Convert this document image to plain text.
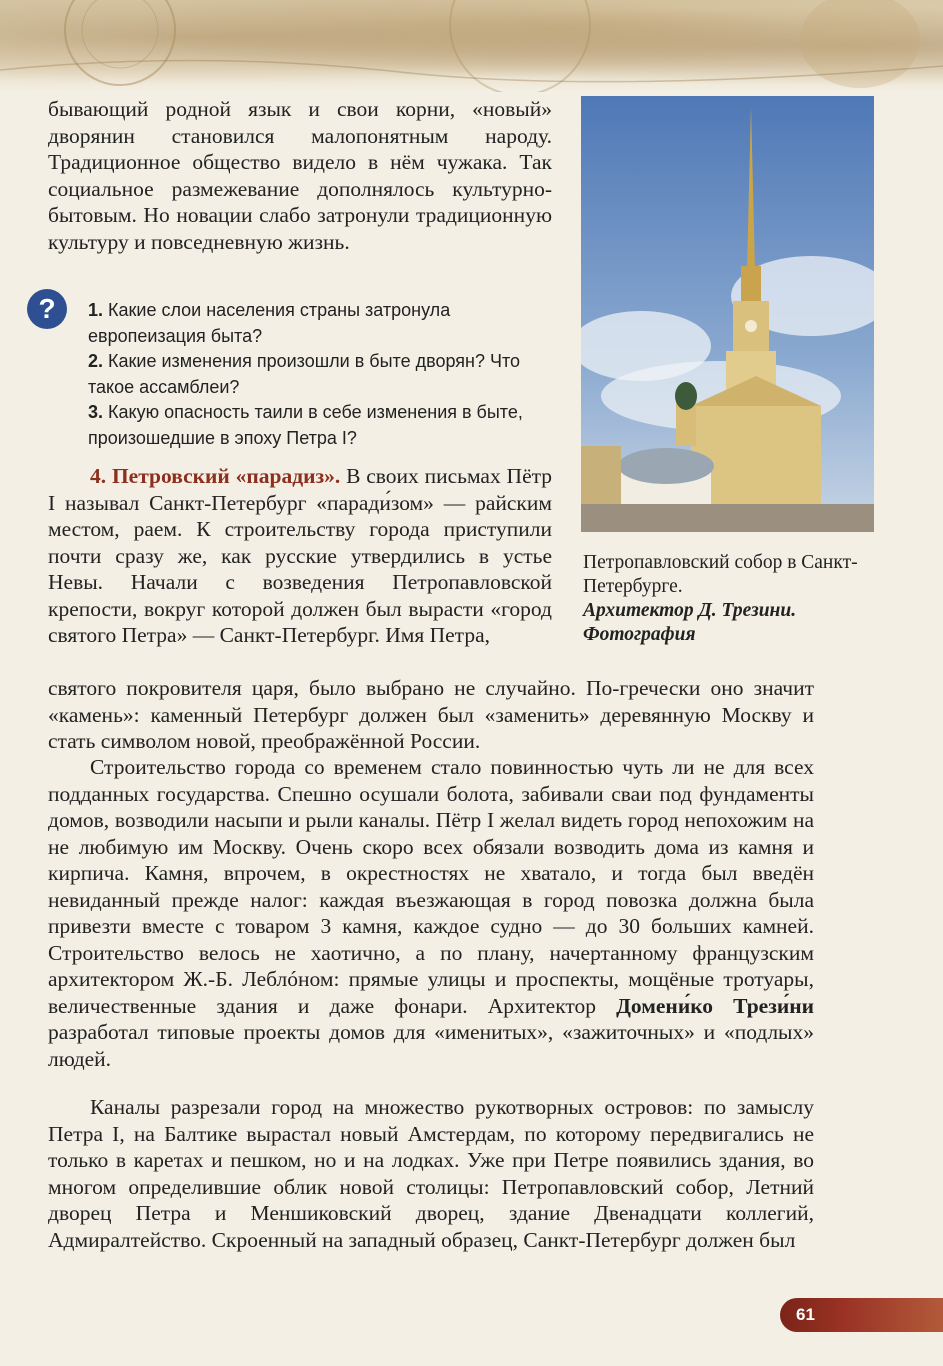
бывающий родной язык и свои корни, «новый» дворянин становился малопонятным народу. Традиционное общество видело в нём чужака. Так социальное размежевание дополнялось культурно-бытовым. Но новации слабо затронули традиционную культуру и повседневную жизнь.

? 1. Какие слои населения страны затронула европеизация быта?

2. Какие изменения произошли в быте дворян? Что такое ассамблеи?

3. Какую опасность таили в себе изменения в быте, произошедшие в эпоху Петра I?

4. Петровский «парадиз». В своих письмах Пётр I называл Санкт-Петербург «паради́зом» — райским местом, раем. К строительству города приступили почти сразу же, как русские утвердились в устье Невы. Начали с возведения Петропавловской крепости, вокруг которой должен был вырасти «город святого Петра» — Санкт-Петербург. Имя Петра,

святого покровителя царя, было выбрано не случайно. По-гречески оно значит «камень»: каменный Петербург должен был «заменить» деревянную Москву и стать символом новой, преображённой России.

Строительство города со временем стало повинностью чуть ли не для всех подданных государства. Спешно осушали болота, забивали сваи под фундаменты домов, возводили насыпи и рыли каналы. Пётр I желал видеть город непохожим на не любимую им Москву. Очень скоро всех обязали возводить дома из камня и кирпича. Камня, впрочем, в окрестностях не хватало, и тогда был введён невиданный прежде налог: каждая въезжающая в город повозка должна была привезти вместе с товаром 3 камня, каждое судно — до 30 больших камней. Строительство велось не хаотично, а по плану, начертанному французским архитектором Ж.-Б. Леблóном: прямые улицы и проспекты, мощёные тротуары, величественные здания и даже фонари. Архитектор Домени́ко Трези́ни разработал типовые проекты домов для «именитых», «зажиточных» и «подлых» людей.

Каналы разрезали город на множество рукотворных островов: по замыслу Петра I, на Балтике вырастал новый Амстердам, по которому передвигались не только в каретах и пешком, но и на лодках. Уже при Петре появились здания, во многом определившие облик новой столицы: Петропавловский собор, Летний дворец Петра и Меншиковский дворец, здание Двенадцати коллегий, Адмиралтейство. Скроенный на западный образец, Санкт-Петербург должен был

Петропавловский собор в Санкт-Петербурге.
Архитектор Д. Трезини.
Фотография
61
